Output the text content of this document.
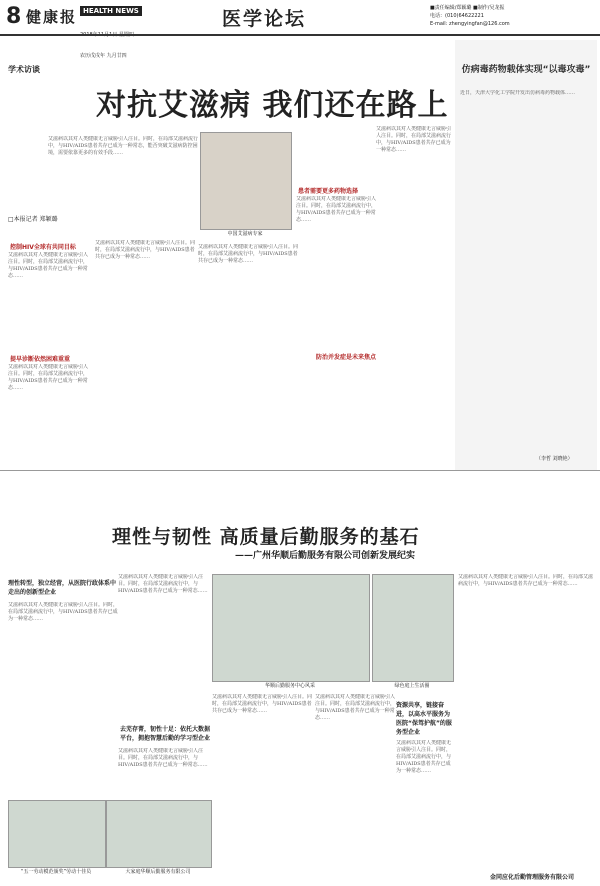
8 健康报 HEALTH NEWS

农历戊戌年 九月廿四

医学论坛	■责任编辑/郑颖璐 ■制作/吴龙振
电话：(010)64622221
E-mail: zhengyingfan@126.com
学术访谈
对抗艾滋病 我们还在路上
艾滋病以其对人类健康无言威胁引人注目。同时，在局部艾滋病流行中，与HIV/AIDS患者共存已成为一种常态，能否突破艾滋病防控困境，需要依靠更多的有效手段……
□本报记者 郑颖璐
控制HIV全球有共同目标
艾滋病以其对人类健康无言威胁引人注目。同时，在局部艾滋病流行中，与HIV/AIDS患者共存已成为一种常态……
提早诊断依然困难重重
艾滋病以其对人类健康无言威胁引人注目。同时，在局部艾滋病流行中，与HIV/AIDS患者共存已成为一种常态……
中国艾滋病专家
患者需要更多药物选择
艾滋病以其对人类健康无言威胁引人注目。同时，在局部艾滋病流行中，与HIV/AIDS患者共存已成为一种常态……
艾滋病以其对人类健康无言威胁引人注目。同时，在局部艾滋病流行中，与HIV/AIDS患者共存已成为一种常态……
艾滋病以其对人类健康无言威胁引人注目。同时，在局部艾滋病流行中，与HIV/AIDS患者共存已成为一种常态……
防治并发症是未来焦点
艾滋病以其对人类健康无言威胁引人注目。同时，在局部艾滋病流行中，与HIV/AIDS患者共存已成为一种常态……
仿病毒药物载体实现“以毒攻毒”
近日，天津大学化工学院开发出仿病毒药物载体……
（李哲 刘晓艳）
理性与韧性 高质量后勤服务的基石
——广州华顺后勤服务有限公司创新发展纪实
理性转型，独立经营，从医院行政体系中走出的创新型企业
艾滋病以其对人类健康无言威胁引人注目。同时，在局部艾滋病流行中，与HIV/AIDS患者共存已成为一种常态……
艾滋病以其对人类健康无言威胁引人注目。同时，在局部艾滋病流行中，与HIV/AIDS患者共存已成为一种常态……
去芜存菁，韧性十足：依托大数据平台，拥抱智慧后勤的学习型企业
艾滋病以其对人类健康无言威胁引人注目。同时，在局部艾滋病流行中，与HIV/AIDS患者共存已成为一种常态……
华顺后勤服务中心风采	绿色庭上生活圈
艾滋病以其对人类健康无言威胁引人注目。同时，在局部艾滋病流行中，与HIV/AIDS患者共存已成为一种常态……
艾滋病以其对人类健康无言威胁引人注目。同时，在局部艾滋病流行中，与HIV/AIDS患者共存已成为一种常态……
资源共享，链接奋进，以高水平服务为医院“保驾护航”的服务型企业
艾滋病以其对人类健康无言威胁引人注目。同时，在局部艾滋病流行中，与HIV/AIDS患者共存已成为一种常态……
艾滋病以其对人类健康无言威胁引人注目。同时，在局部艾滋病流行中，与HIV/AIDS患者共存已成为一种常态……
“五一劳动模范颁奖”劳动十佳员	大家庭华顺后勤服务有限公司
金同应化后勤管理服务有限公司
